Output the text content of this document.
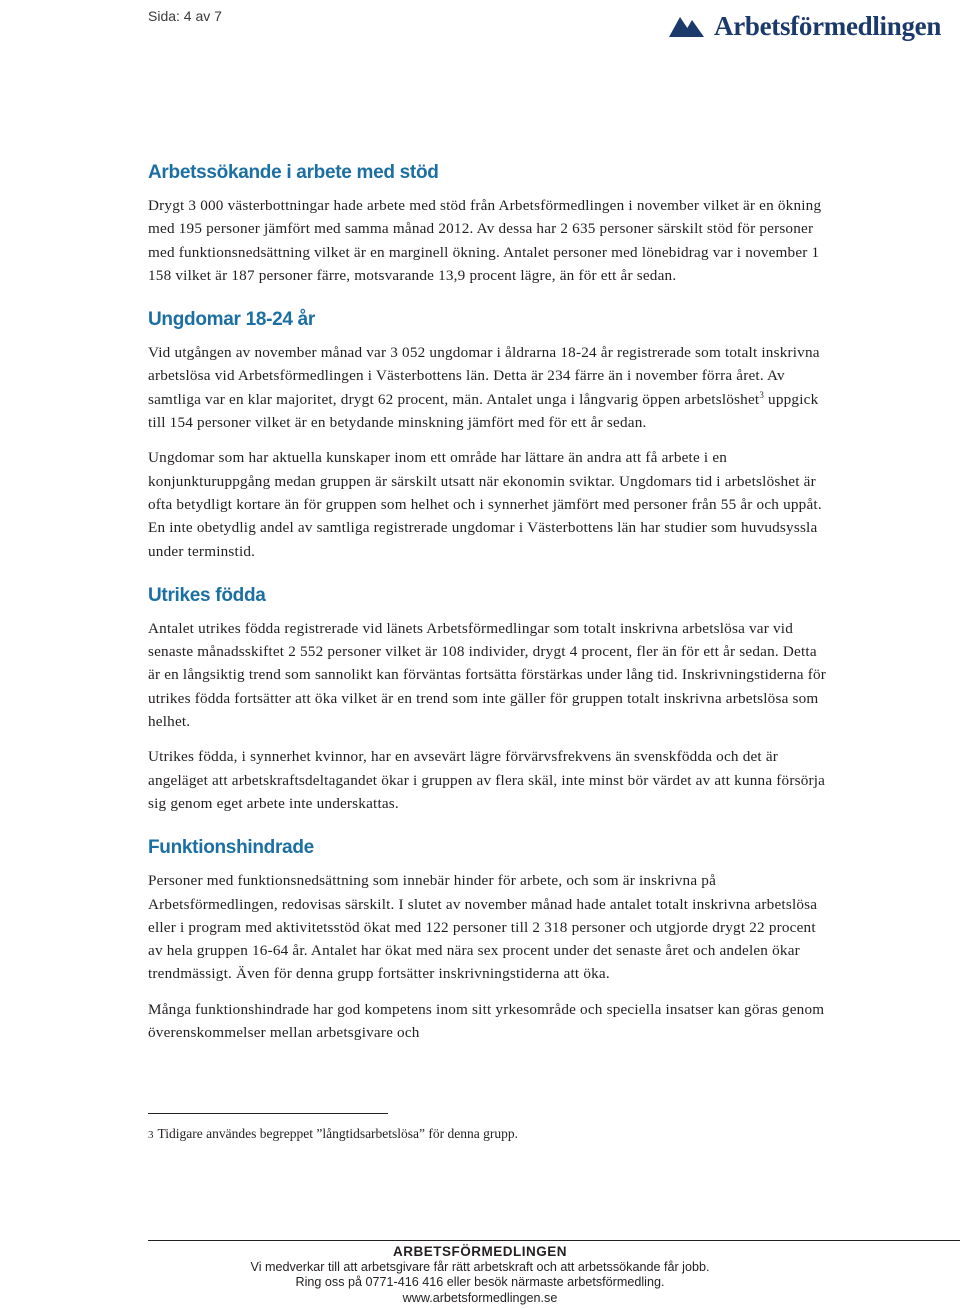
Sida: 4 av 7	Arbetsförmedlingen
Arbetssökande i arbete med stöd

Drygt 3 000 västerbottningar hade arbete med stöd från Arbetsförmedlingen i november vilket är en ökning med 195 personer jämfört med samma månad 2012. Av dessa har 2 635 personer särskilt stöd för personer med funktionsnedsättning vilket är en marginell ökning. Antalet personer med lönebidrag var i november 1 158 vilket är 187 personer färre, motsvarande 13,9 procent lägre, än för ett år sedan.

Ungdomar 18-24 år

Vid utgången av november månad var 3 052 ungdomar i åldrarna 18-24 år registrerade som totalt inskrivna arbetslösa vid Arbetsförmedlingen i Västerbottens län. Detta är 234 färre än i november förra året. Av samtliga var en klar majoritet, drygt 62 procent, män. Antalet unga i långvarig öppen arbetslöshet$^3$ uppgick till 154 personer vilket är en betydande minskning jämfört med för ett år sedan.

Ungdomar som har aktuella kunskaper inom ett område har lättare än andra att få arbete i en konjunkturuppgång medan gruppen är särskilt utsatt när ekonomin sviktar. Ungdomars tid i arbetslöshet är ofta betydligt kortare än för gruppen som helhet och i synnerhet jämfört med personer från 55 år och uppåt. En inte obetydlig andel av samtliga registrerade ungdomar i Västerbottens län har studier som huvudsyssla under terminstid.

Utrikes födda

Antalet utrikes födda registrerade vid länets Arbetsförmedlingar som totalt inskrivna arbetslösa var vid senaste månadsskiftet 2 552 personer vilket är 108 individer, drygt 4 procent, fler än för ett år sedan. Detta är en långsiktig trend som sannolikt kan förväntas fortsätta förstärkas under lång tid. Inskrivningstiderna för utrikes födda fortsätter att öka vilket är en trend som inte gäller för gruppen totalt inskrivna arbetslösa som helhet.

Utrikes födda, i synnerhet kvinnor, har en avsevärt lägre förvärvsfrekvens än svenskfödda och det är angeläget att arbetskraftsdeltagandet ökar i gruppen av flera skäl, inte minst bör värdet av att kunna försörja sig genom eget arbete inte underskattas.

Funktionshindrade

Personer med funktionsnedsättning som innebär hinder för arbete, och som är inskrivna på Arbetsförmedlingen, redovisas särskilt. I slutet av november månad hade antalet totalt inskrivna arbetslösa eller i program med aktivitetsstöd ökat med 122 personer till 2 318 personer och utgjorde drygt 22 procent av hela gruppen 16-64 år. Antalet har ökat med nära sex procent under det senaste året och andelen ökar trendmässigt. Även för denna grupp fortsätter inskrivningstiderna att öka.

Många funktionshindrade har god kompetens inom sitt yrkesområde och speciella insatser kan göras genom överenskommelser mellan arbetsgivare och

3 Tidigare användes begreppet ”långtidsarbetslösa” för denna grupp.
ARBETSFÖRMEDLINGEN
Vi medverkar till att arbetsgivare får rätt arbetskraft och att arbetssökande får jobb.
Ring oss på 0771-416 416 eller besök närmaste arbetsförmedling.
www.arbetsformedlingen.se
